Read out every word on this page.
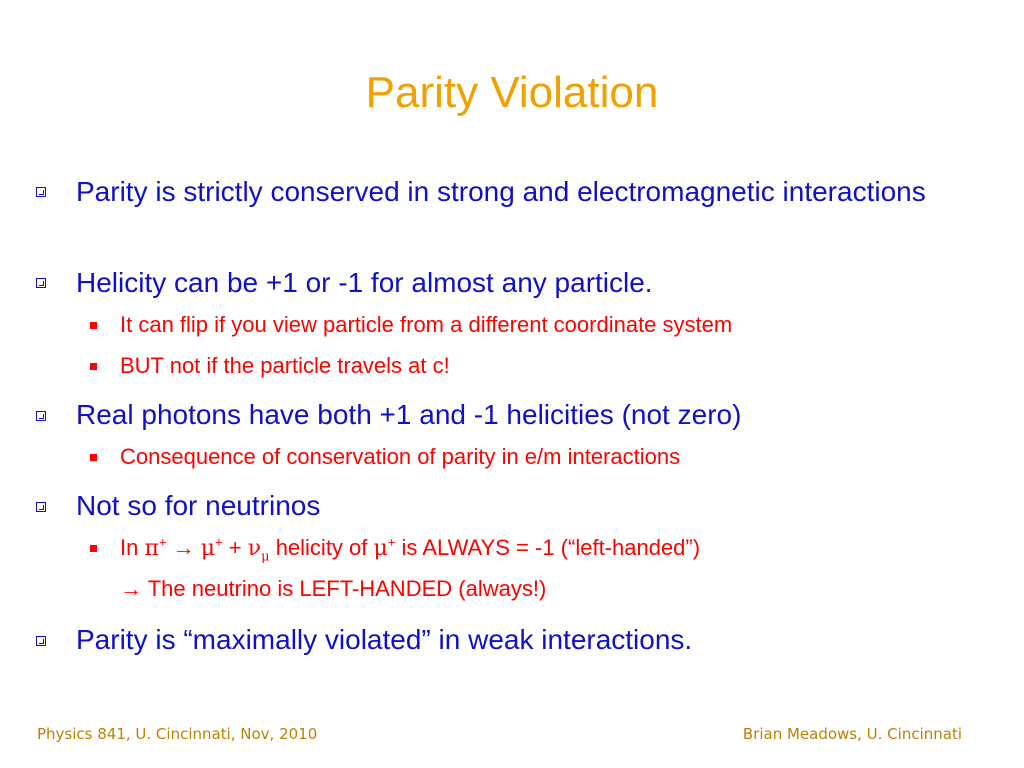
Parity Violation
Parity is strictly conserved in strong and electromagnetic interactions
Helicity can be +1 or -1 for almost any particle.
It can flip if you view particle from a different coordinate system
BUT not if the particle travels at c!
Real photons have both +1 and -1 helicities (not zero)
Consequence of conservation of parity in e/m interactions
Not so for neutrinos
In $\pi^+ \to \mu^+ + \nu_\mu$ helicity of μ+ is ALWAYS = -1 (“left-handed”)
→ The neutrino is LEFT-HANDED (always!)
Parity is “maximally violated” in weak interactions.
Physics 841, U. Cincinnati, Nov, 2010	Brian Meadows, U. Cincinnati
